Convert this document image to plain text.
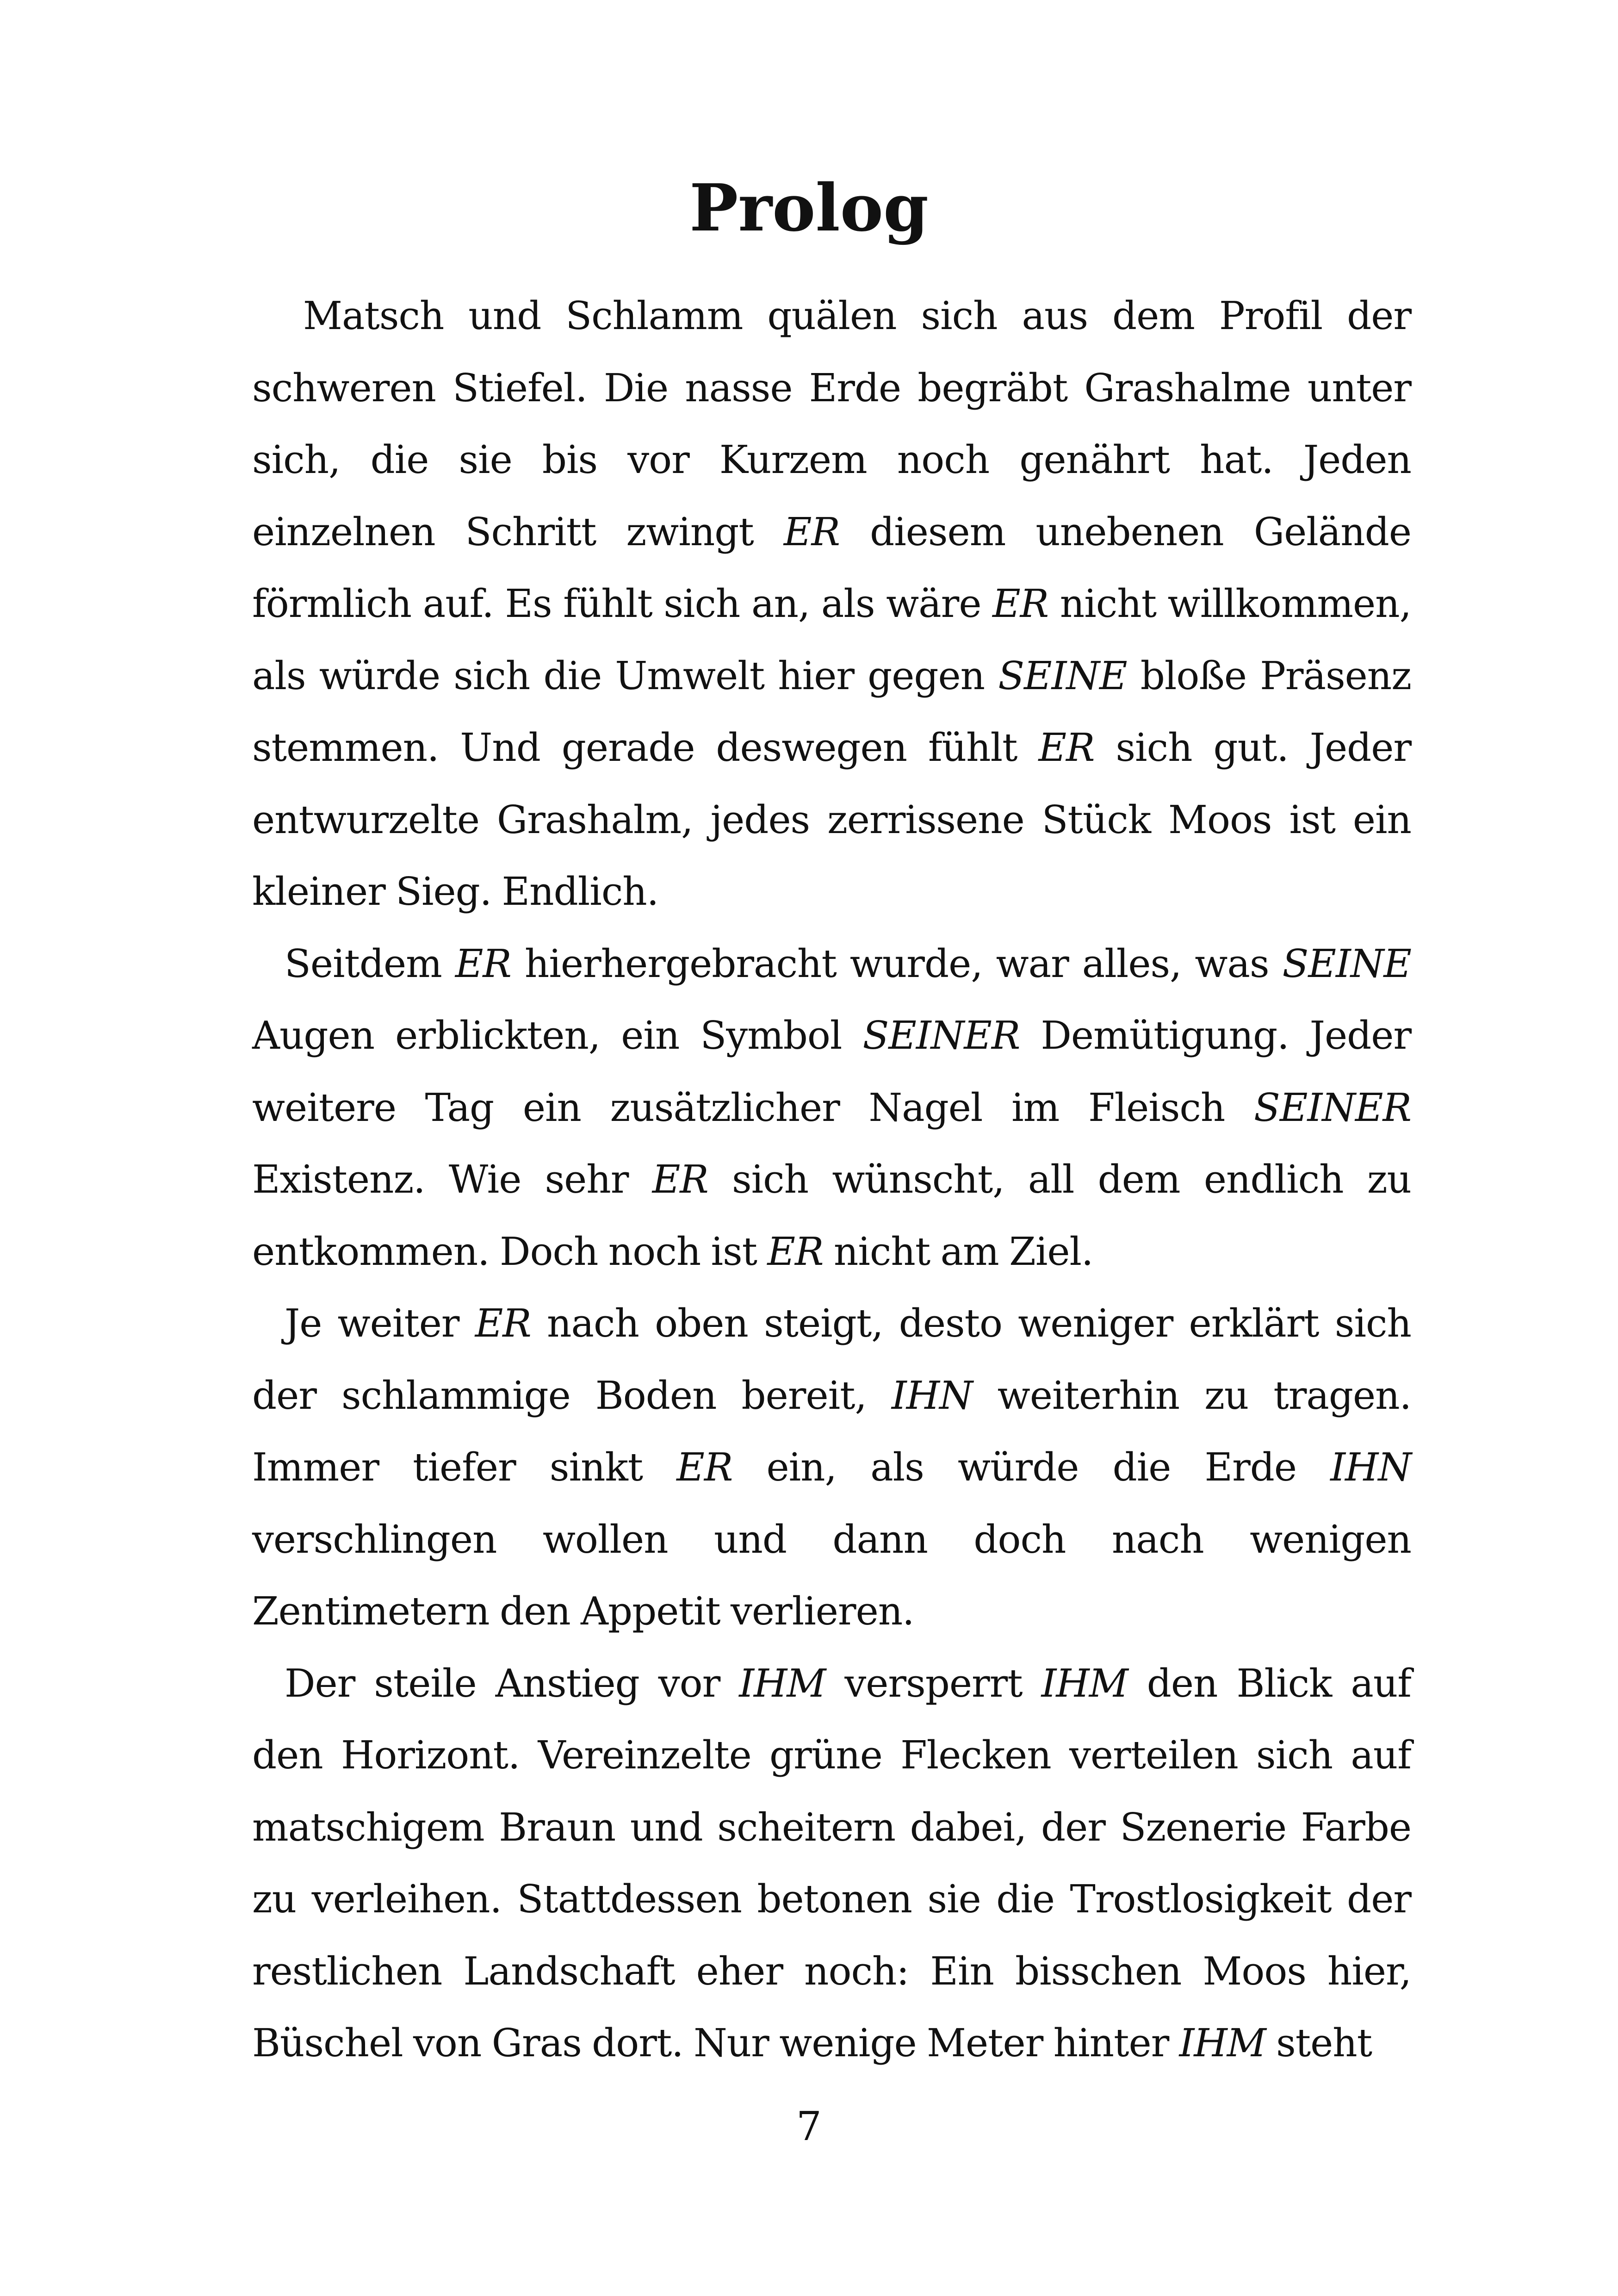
Prolog

Matsch und Schlamm quälen sich aus dem Profil der schweren Stiefel. Die nasse Erde begräbt Grashalme unter sich, die sie bis vor Kurzem noch genährt hat. Jeden einzelnen Schritt zwingt ER diesem unebenen Gelände förmlich auf. Es fühlt sich an, als wäre ER nicht willkommen, als würde sich die Umwelt hier gegen SEINE bloße Präsenz stemmen. Und gerade deswegen fühlt ER sich gut. Jeder entwurzelte Grashalm, jedes zerrissene Stück Moos ist ein kleiner Sieg. Endlich.

Seitdem ER hierhergebracht wurde, war alles, was SEINE Augen erblickten, ein Symbol SEINER Demütigung. Jeder weitere Tag ein zusätzlicher Nagel im Fleisch SEINER Existenz. Wie sehr ER sich wünscht, all dem endlich zu entkommen. Doch noch ist ER nicht am Ziel.

Je weiter ER nach oben steigt, desto weniger erklärt sich der schlammige Boden bereit, IHN weiterhin zu tragen. Immer tiefer sinkt ER ein, als würde die Erde IHN verschlingen wollen und dann doch nach wenigen Zentimetern den Appetit verlieren.

Der steile Anstieg vor IHM versperrt IHM den Blick auf den Horizont. Vereinzelte grüne Flecken verteilen sich auf matschigem Braun und scheitern dabei, der Szenerie Farbe zu verleihen. Stattdessen betonen sie die Trostlosigkeit der restlichen Landschaft eher noch: Ein bisschen Moos hier, Büschel von Gras dort. Nur wenige Meter hinter IHM steht

7
